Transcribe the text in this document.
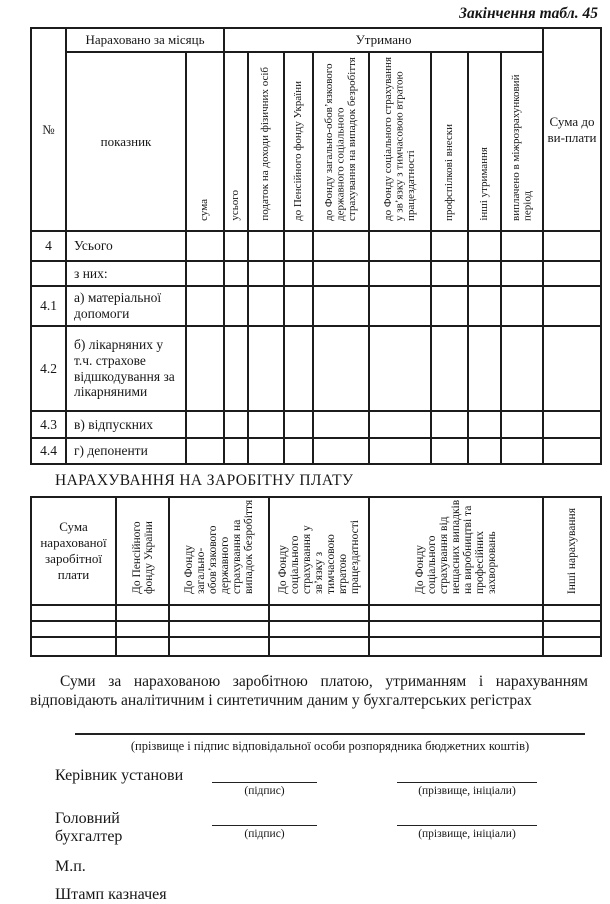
Закінчення табл. 45
№	Нараховано за місяць		Утримано								Сума до ви-плати
	показник	сума	усього	податок на доходи фізичних осіб	до Пенсійного фонду України	до Фонду загально-обов’язкового державного соціального страхування на випадок безробіття	до Фонду соціального страхування у зв’язку з тимчасовою втратою працездатності	профспілкові внески	інші утримання	виплачено в міжрозрахунковий період	
4	Усього										
	з них:										
4.1	а) матеріальної допомоги										
4.2	б) лікарняних у т.ч. страхове відшкодування за лікарняними										
4.3	в) відпускних										
4.4	г) депоненти										
НАРАХУВАННЯ НА ЗАРОБІТНУ ПЛАТУ
Сума нарахованої заробітної плати	До Пенсійного фонду України	До Фонду загально-обов’язкового державного страхування на випадок безробіття	До Фонду соціального страхування у зв’язку з тимчасовою втратою працездатності	До Фонду соціального страхування від нещасних випадків на виробництві та професійних захворювань	Інші нарахування

Суми за нарахованою заробітною платою, утриманням і нарахуванням відповідають аналітичним і синтетичним даним у бухгалтерських регістрах

(прізвище і підпис відповідальної особи розпорядника бюджетних коштів)
Керівник установи
(підпис)	(прізвище, ініціали)
Головний бухгалтер	(підпис)	(прізвище, ініціали)
М.п.
Штамп казначея
